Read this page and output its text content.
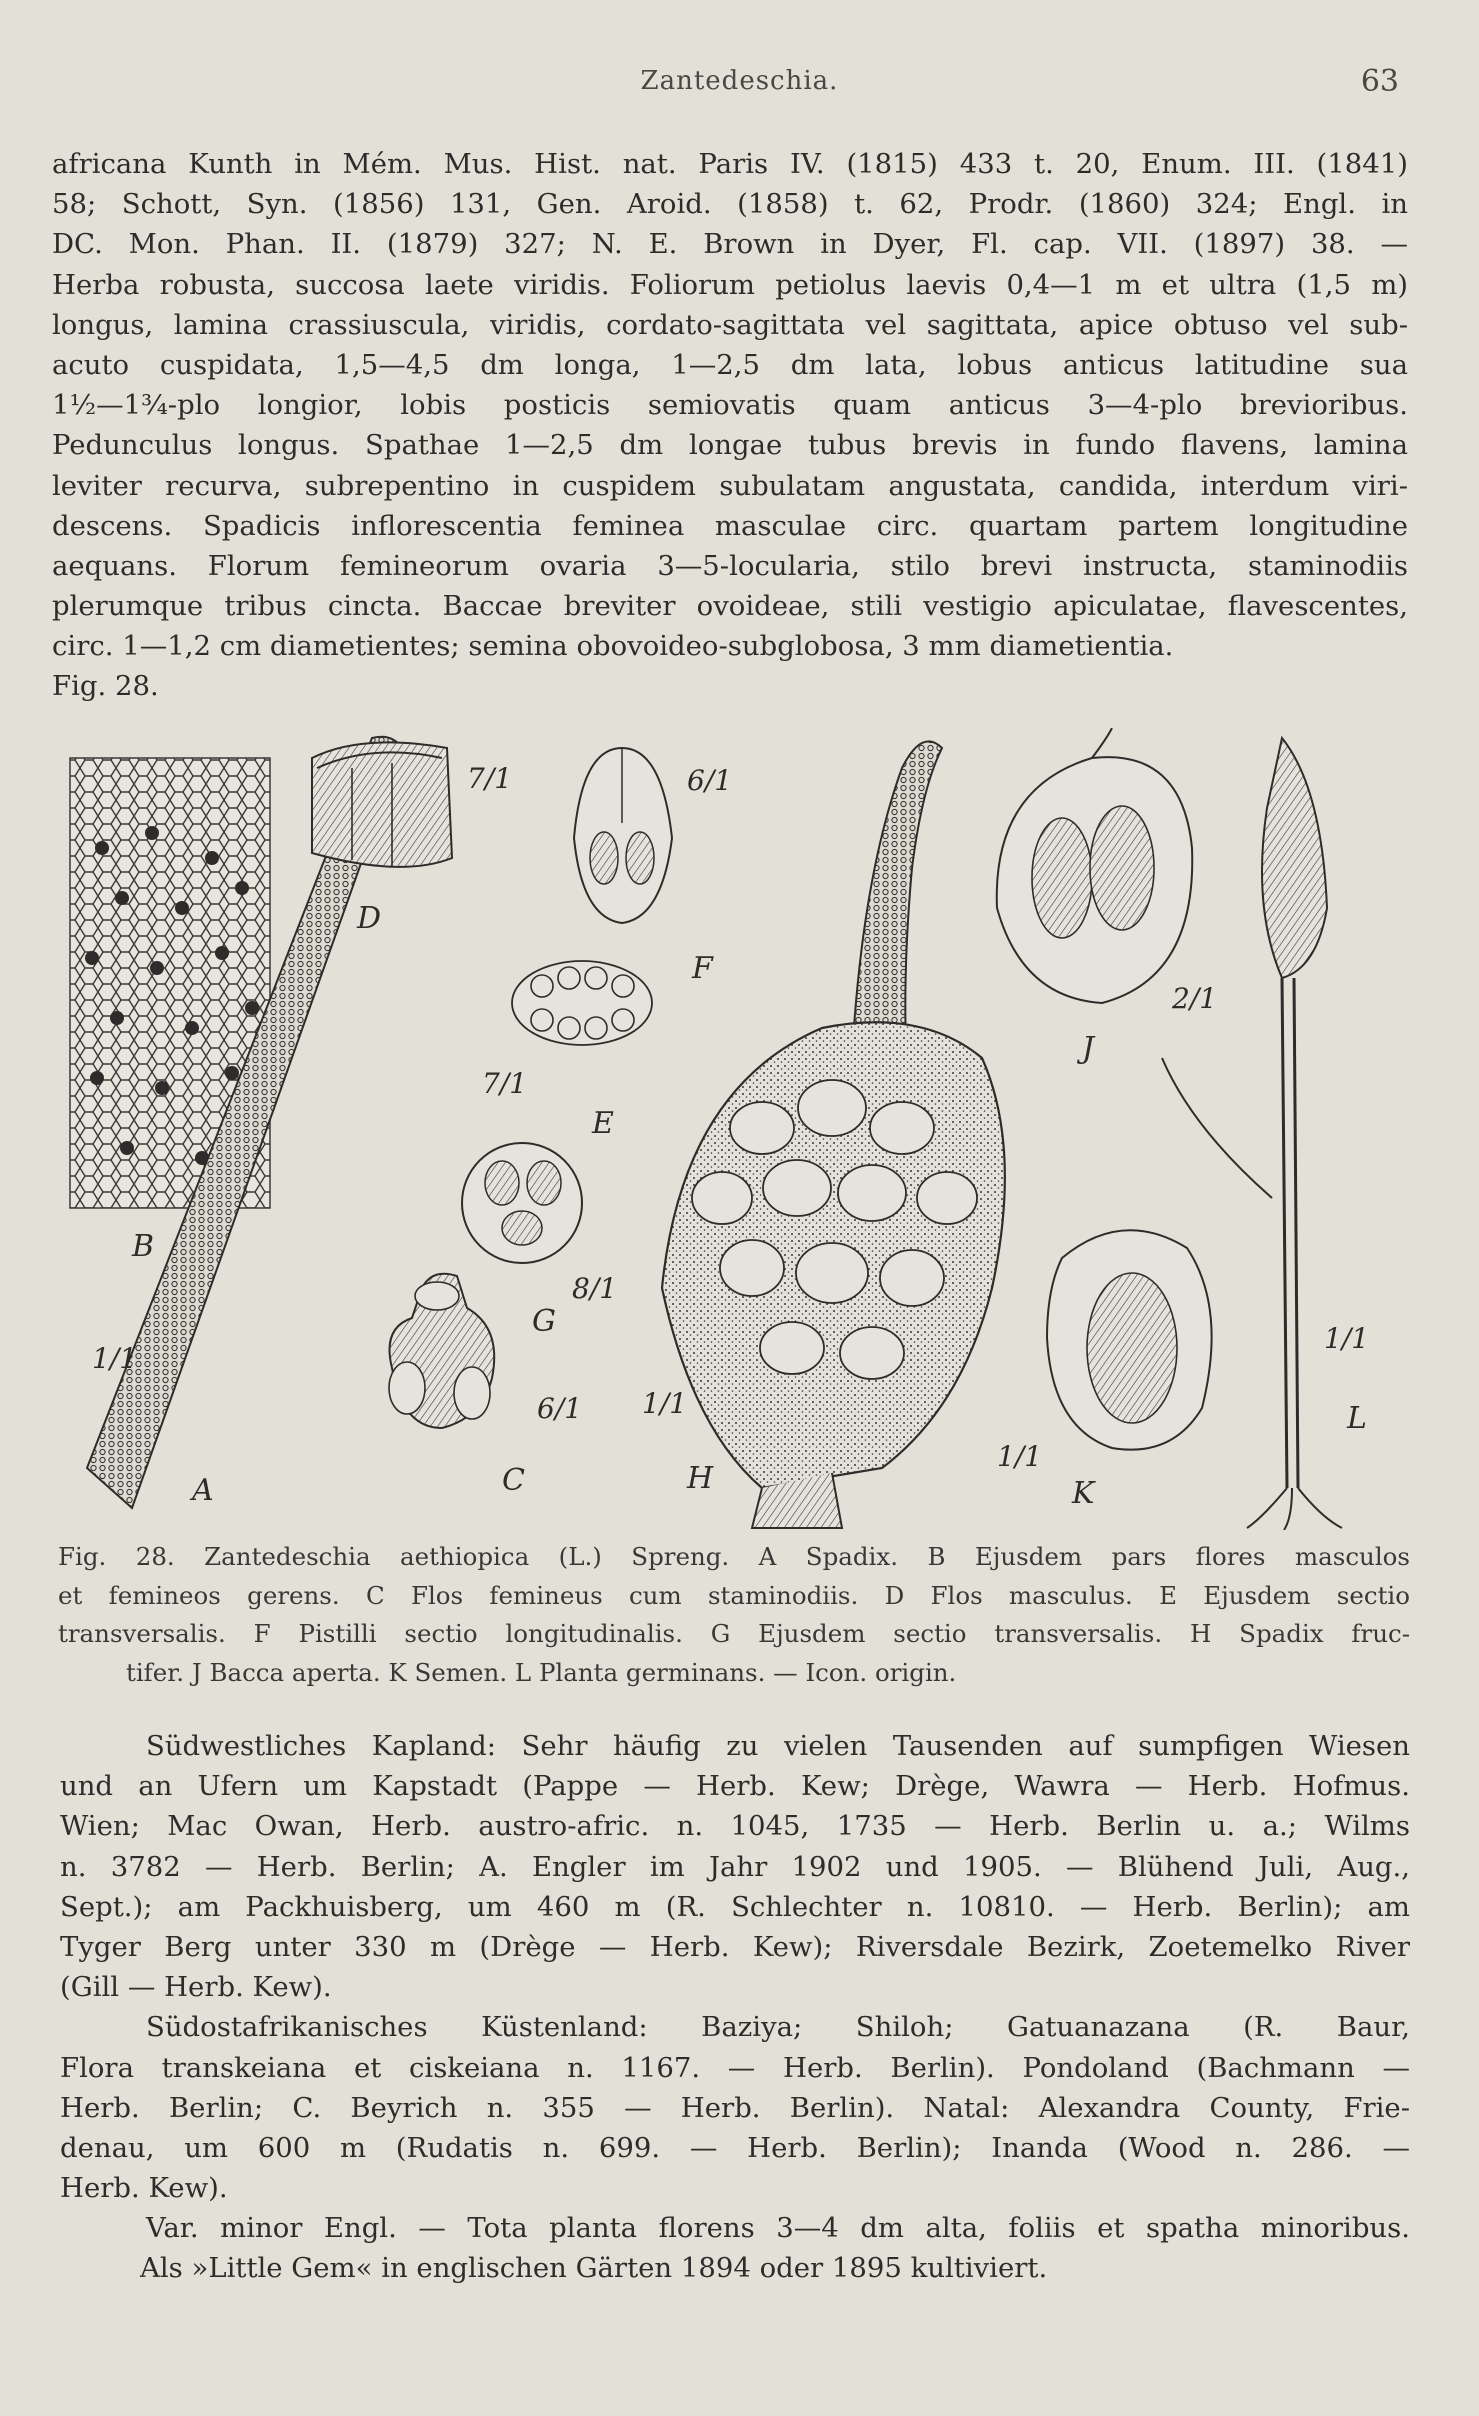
Zantedeschia.	63
africana Kunth in Mém. Mus. Hist. nat. Paris IV. (1815) 433 t. 20, Enum. III. (1841)
58; Schott, Syn. (1856) 131, Gen. Aroid. (1858) t. 62, Prodr. (1860) 324; Engl. in
DC. Mon. Phan. II. (1879) 327; N. E. Brown in Dyer, Fl. cap. VII. (1897) 38. —
Herba robusta, succosa laete viridis. Foliorum petiolus laevis 0,4—1 m et ultra (1,5 m)
longus, lamina crassiuscula, viridis, cordato-sagittata vel sagittata, apice obtuso vel sub-
acuto cuspidata, 1,5—4,5 dm longa, 1—2,5 dm lata, lobus anticus latitudine sua
1½—1¾-plo longior, lobis posticis semiovatis quam anticus 3—4-plo brevioribus.
Pedunculus longus. Spathae 1—2,5 dm longae tubus brevis in fundo flavens, lamina
leviter recurva, subrepentino in cuspidem subulatam angustata, candida, interdum viri-
descens. Spadicis inflorescentia feminea masculae circ. quartam partem longitudine
aequans. Florum femineorum ovaria 3—5-locularia, stilo brevi instructa, staminodiis
plerumque tribus cincta. Baccae breviter ovoideae, stili vestigio apiculatae, flavescentes,
circ. 1—1,2 cm diametientes; semina obovoideo-subglobosa, 3 mm diametientia.
Fig. 28.
B
A
1/1
D
7/1
F
6/1
E
7/1
G
8/1
C
6/1
H
1/1
J
2/1
K
1/1
L
1/1
Fig. 28. Zantedeschia aethiopica (L.) Spreng. A Spadix. B Ejusdem pars flores masculos
et femineos gerens. C Flos femineus cum staminodiis. D Flos masculus. E Ejusdem sectio
transversalis. F Pistilli sectio longitudinalis. G Ejusdem sectio transversalis. H Spadix fruc-
tifer. J Bacca aperta. K Semen. L Planta germinans. — Icon. origin.
Südwestliches Kapland: Sehr häufig zu vielen Tausenden auf sumpfigen Wiesen
und an Ufern um Kapstadt (Pappe — Herb. Kew; Drège, Wawra — Herb. Hofmus.
Wien; Mac Owan, Herb. austro-afric. n. 1045, 1735 — Herb. Berlin u. a.; Wilms
n. 3782 — Herb. Berlin; A. Engler im Jahr 1902 und 1905. — Blühend Juli, Aug.,
Sept.); am Packhuisberg, um 460 m (R. Schlechter n. 10810. — Herb. Berlin); am
Tyger Berg unter 330 m (Drège — Herb. Kew); Riversdale Bezirk, Zoetemelko River
(Gill — Herb. Kew).
Südostafrikanisches Küstenland: Baziya; Shiloh; Gatuanazana (R. Baur,
Flora transkeiana et ciskeiana n. 1167. — Herb. Berlin). Pondoland (Bachmann —
Herb. Berlin; C. Beyrich n. 355 — Herb. Berlin). Natal: Alexandra County, Frie-
denau, um 600 m (Rudatis n. 699. — Herb. Berlin); Inanda (Wood n. 286. —
Herb. Kew).
Var. minor Engl. — Tota planta florens 3—4 dm alta, foliis et spatha minoribus.
Als »Little Gem« in englischen Gärten 1894 oder 1895 kultiviert.
